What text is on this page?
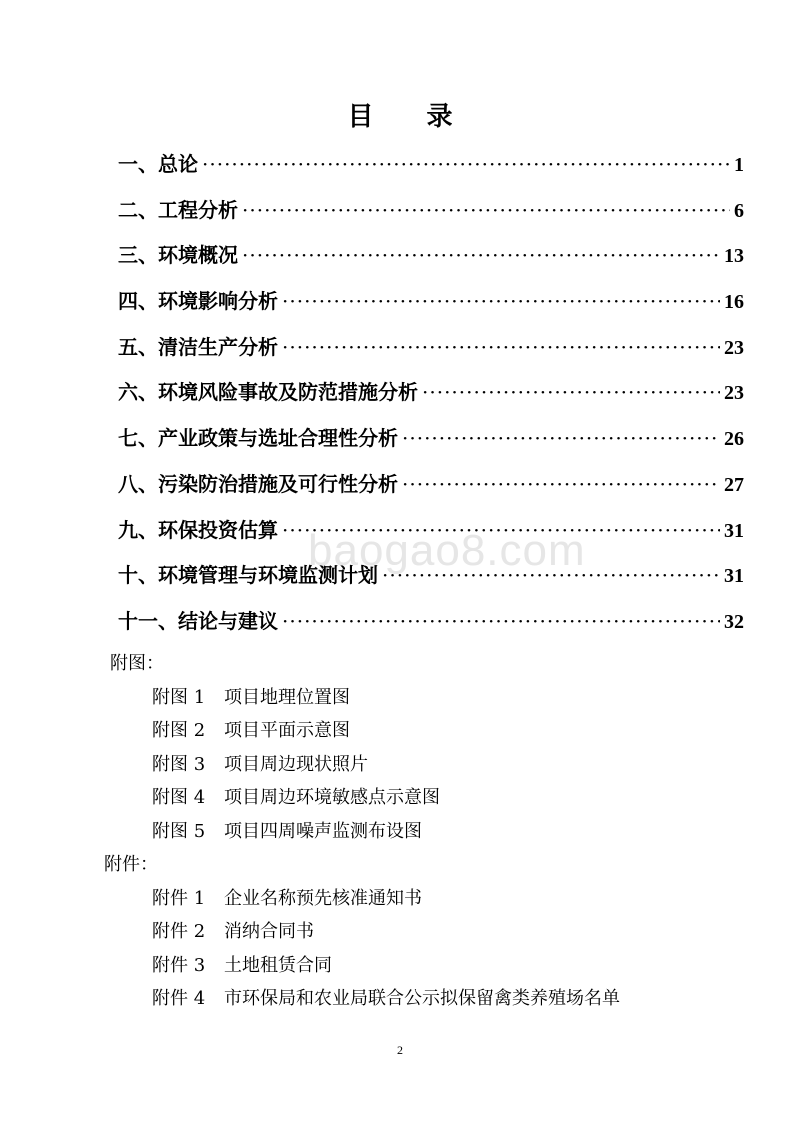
目 录
一、总论 ·····	1
二、工程分析 ·····	6
三、环境概况 ·····	13
四、环境影响分析 ·····	16
五、清洁生产分析 ·····	23
六、环境风险事故及防范措施分析 ·····	23
七、产业政策与选址合理性分析 ·····	26
八、污染防治措施及可行性分析 ·····	27
九、环保投资估算 ·····	31
十、环境管理与环境监测计划 ·····	31
十一、结论与建议 ·····	32
baogao8.com
附图：
附图 1 项目地理位置图
附图 2 项目平面示意图
附图 3 项目周边现状照片
附图 4 项目周边环境敏感点示意图
附图 5 项目四周噪声监测布设图
附件：
附件 1 企业名称预先核准通知书
附件 2 消纳合同书
附件 3 土地租赁合同
附件 4 市环保局和农业局联合公示拟保留禽类养殖场名单
2
